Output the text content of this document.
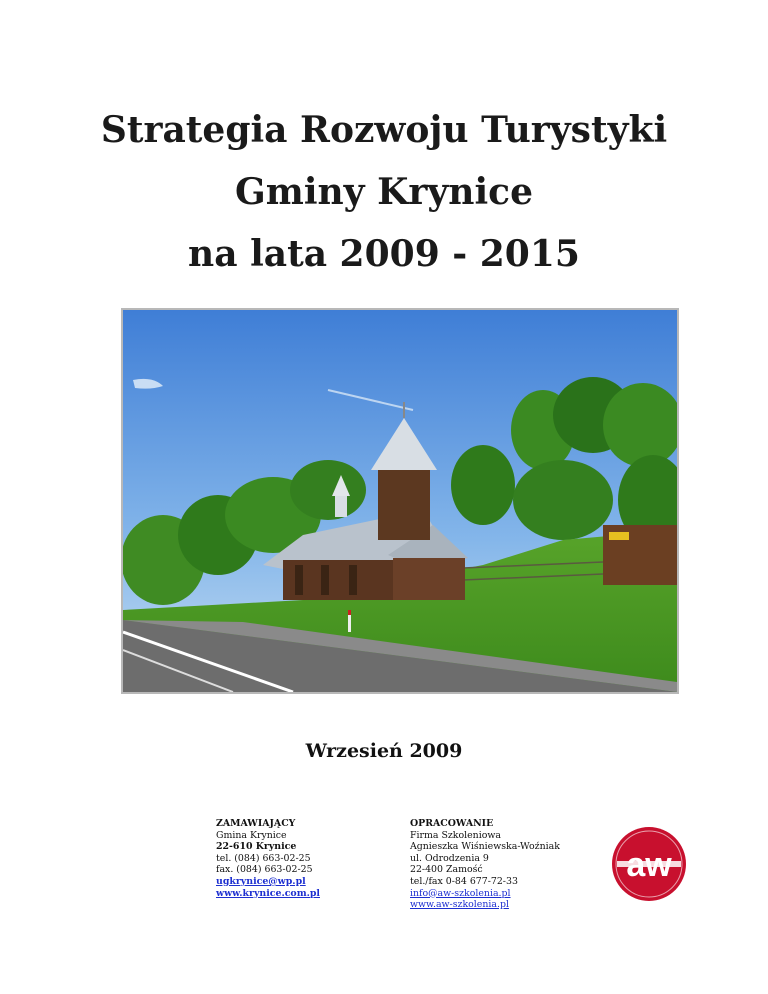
Strategia Rozwoju Turystyki
Gminy Krynice
na lata 2009 - 2015
Wrzesień 2009
ZAMAWIAJĄCY
Gmina Krynice
22-610 Krynice
tel. (084) 663-02-25
fax. (084) 663-02-25
ugkrynice@wp.pl
www.krynice.com.pl
OPRACOWANIE
Firma Szkoleniowa
Agnieszka Wiśniewska-Woźniak
ul. Odrodzenia 9
22-400 Zamość
tel./fax 0-84 677-72-33
info@aw-szkolenia.pl
www.aw-szkolenia.pl
aw
